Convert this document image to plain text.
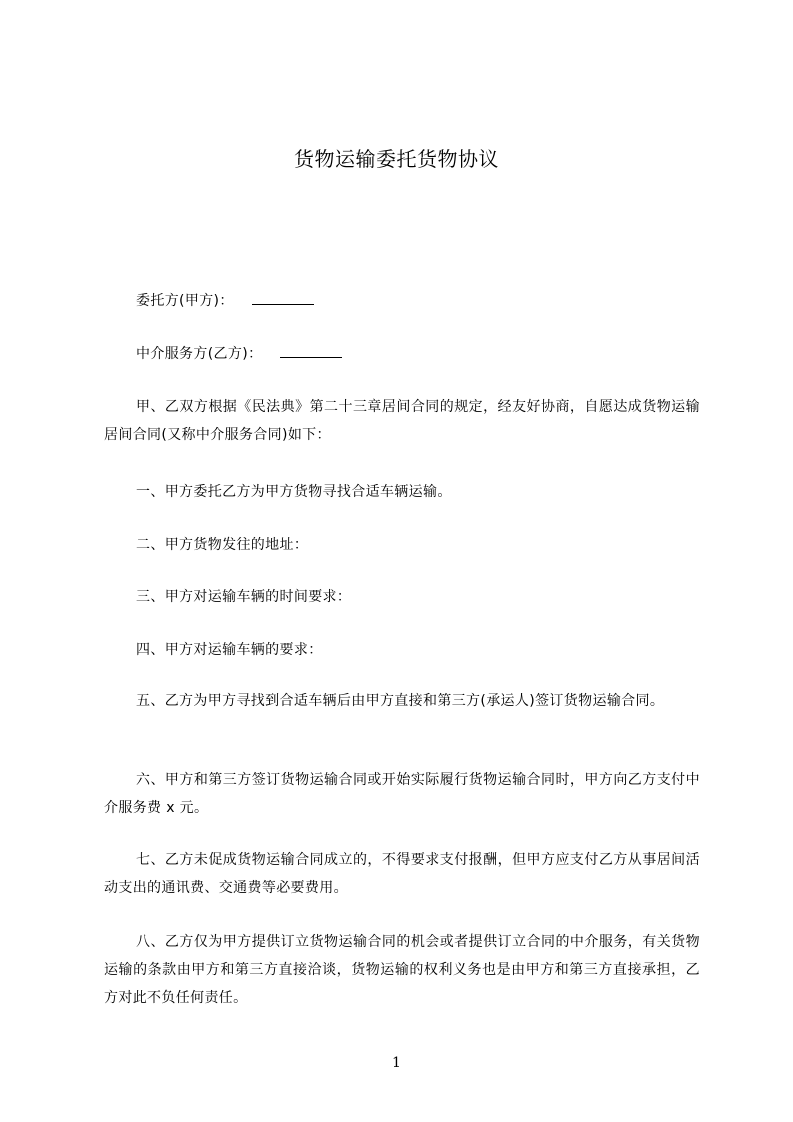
货物运输委托货物协议
委托方(甲方)：
中介服务方(乙方)：

甲、乙双方根据《民法典》第二十三章居间合同的规定，经友好协商，自愿达成货物运输居间合同(又称中介服务合同)如下：

一、甲方委托乙方为甲方货物寻找合适车辆运输。

二、甲方货物发往的地址：

三、甲方对运输车辆的时间要求：

四、甲方对运输车辆的要求：

五、乙方为甲方寻找到合适车辆后由甲方直接和第三方(承运人)签订货物运输合同。

六、甲方和第三方签订货物运输合同或开始实际履行货物运输合同时，甲方向乙方支付中介服务费 x 元。

七、乙方未促成货物运输合同成立的，不得要求支付报酬，但甲方应支付乙方从事居间活动支出的通讯费、交通费等必要费用。

八、乙方仅为甲方提供订立货物运输合同的机会或者提供订立合同的中介服务，有关货物运输的条款由甲方和第三方直接洽谈，货物运输的权利义务也是由甲方和第三方直接承担，乙方对此不负任何责任。

1
